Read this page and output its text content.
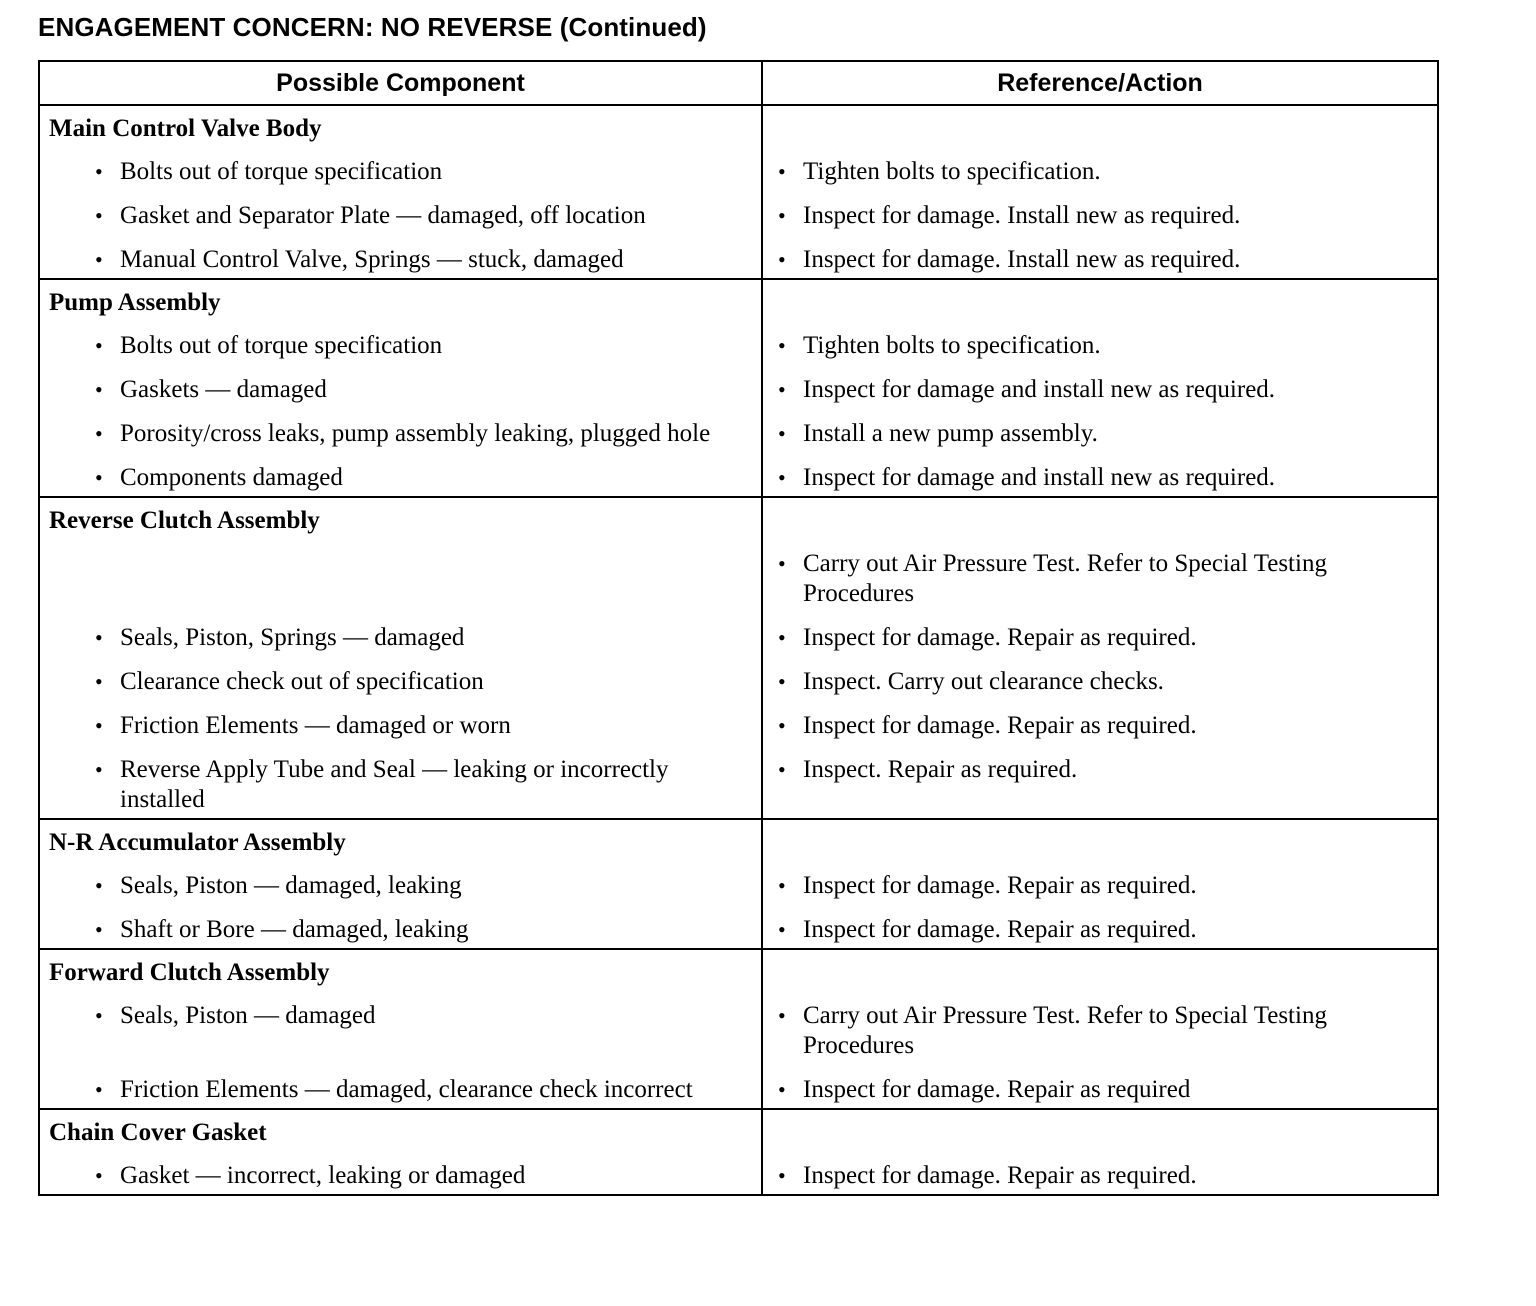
ENGAGEMENT CONCERN: NO REVERSE (Continued)
Possible Component	Reference/Action

Main Control Valve Body	

• Bolts out of torque specification	• Tighten bolts to specification.

• Gasket and Separator Plate — damaged, off location	• Inspect for damage. Install new as required.

• Manual Control Valve, Springs — stuck, damaged	• Inspect for damage. Install new as required.

Pump Assembly	

• Bolts out of torque specification	• Tighten bolts to specification.

• Gaskets — damaged	• Inspect for damage and install new as required.

• Porosity/cross leaks, pump assembly leaking, plugged hole	• Install a new pump assembly.

• Components damaged	• Inspect for damage and install new as required.

Reverse Clutch Assembly	

	• Carry out Air Pressure Test. Refer to Special Testing Procedures

• Seals, Piston, Springs — damaged	• Inspect for damage. Repair as required.

• Clearance check out of specification	• Inspect. Carry out clearance checks.

• Friction Elements — damaged or worn	• Inspect for damage. Repair as required.

• Reverse Apply Tube and Seal — leaking or incorrectly installed	• Inspect. Repair as required.

N-R Accumulator Assembly	

• Seals, Piston — damaged, leaking	• Inspect for damage. Repair as required.

• Shaft or Bore — damaged, leaking	• Inspect for damage. Repair as required.

Forward Clutch Assembly	

• Seals, Piston — damaged	• Carry out Air Pressure Test. Refer to Special Testing Procedures

• Friction Elements — damaged, clearance check incorrect	• Inspect for damage. Repair as required

Chain Cover Gasket	

• Gasket — incorrect, leaking or damaged	• Inspect for damage. Repair as required.
